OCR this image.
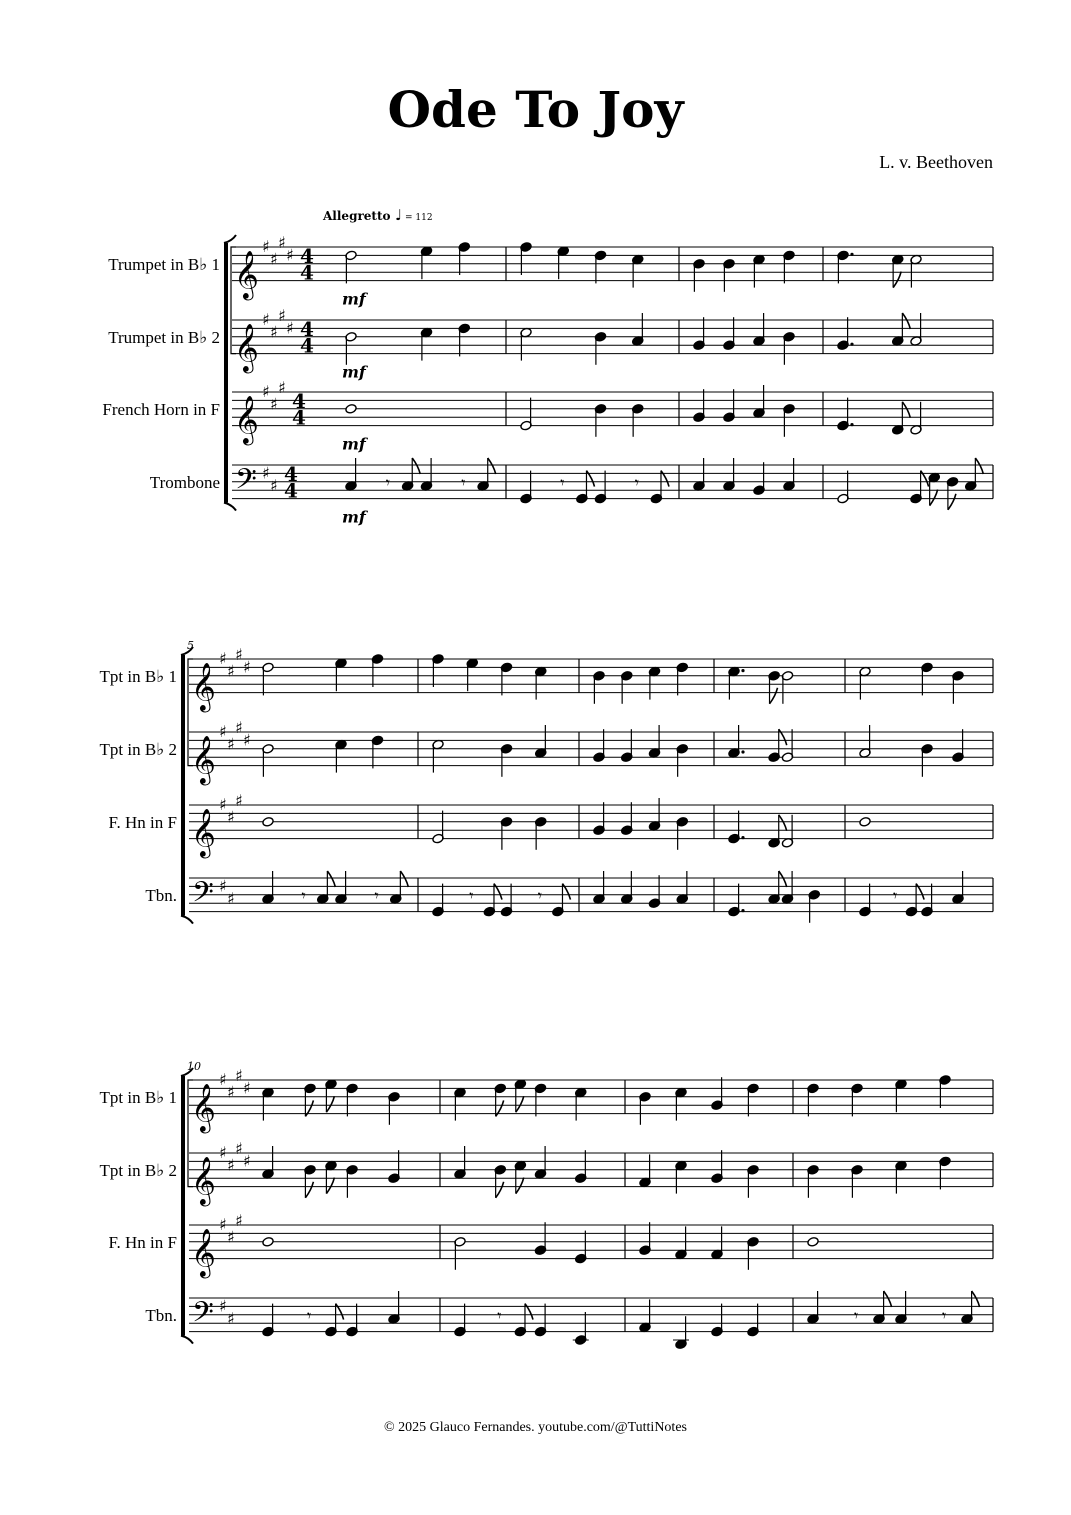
Ode To Joy
L. v. Beethoven
© 2025 Glauco Fernandes. youtube.com/@TuttiNotes
Allegretto ♩ = 112
Trumpet in B♭ 1 𝄞
♯
♯
♯
♯ 4
4
mf
Trumpet in B♭ 2 𝄞
♯
♯
♯
♯ 4
4
mf
French Horn in F 𝄞
♯
♯
♯
4
4
mf
Trombone 𝄢 ♯
♯ 4
4
mf
𝄾	𝄾	𝄾	𝄾
5
Tpt in B♭ 1 𝄞
♯
♯
♯
♯
Tpt in B♭ 2 𝄞
♯
♯
♯
♯
F. Hn in F 𝄞
♯
♯
♯
Tbn. 𝄢 ♯
♯	𝄾	𝄾	𝄾	𝄾	𝄾
10
Tpt in B♭ 1 𝄞
♯
♯
♯
♯
Tpt in B♭ 2 𝄞
♯
♯
♯
♯
F. Hn in F 𝄞
♯
♯
♯
Tbn. 𝄢 ♯
♯	𝄾	𝄾	𝄾	𝄾
